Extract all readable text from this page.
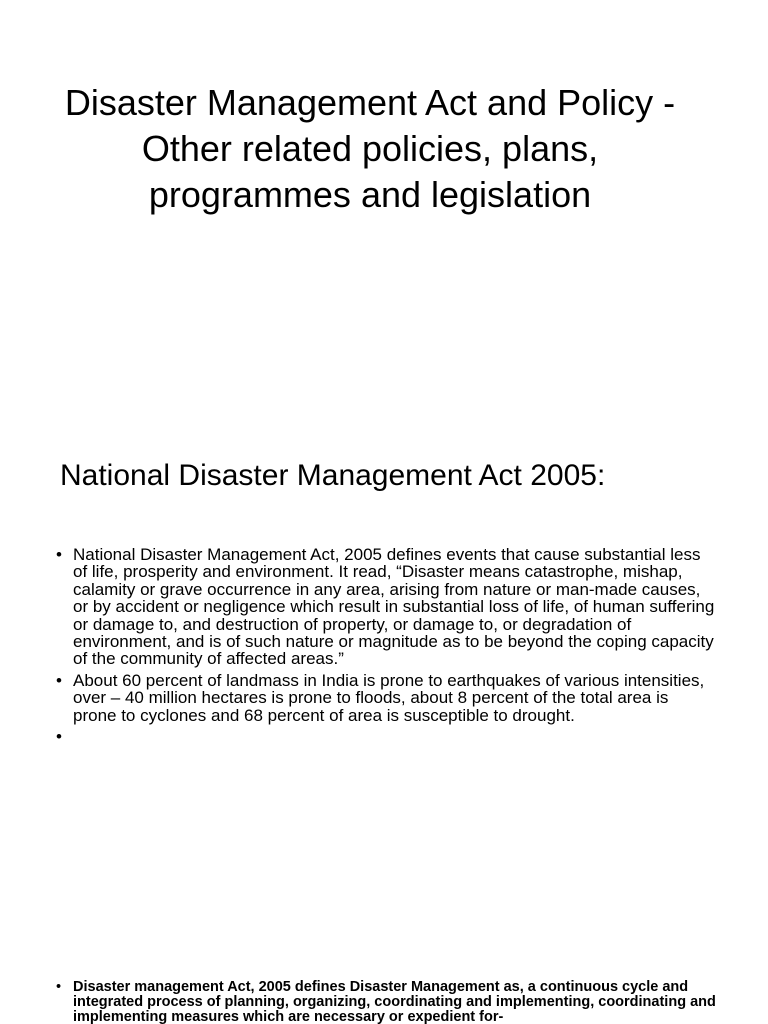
Disaster Management Act and Policy - Other related policies, plans, programmes and legislation
National Disaster Management Act 2005:
• National Disaster Management Act, 2005 defines events that cause substantial less of life, prosperity and environment. It read, “Disaster means catastrophe, mishap, calamity or grave occurrence in any area, arising from nature or man-made causes, or by accident or negligence which result in substantial loss of life, of human suffering or damage to, and destruction of property, or damage to, or degradation of environment, and is of such nature or magnitude as to be beyond the coping capacity of the community of affected areas.”
• About 60 percent of landmass in India is prone to earthquakes of various intensities, over – 40 million hectares is prone to floods, about 8 percent of the total area is prone to cyclones and 68 percent of area is susceptible to drought.
•
• Disaster management Act, 2005 defines Disaster Management as, a continuous cycle and integrated process of planning, organizing, coordinating and implementing, coordinating and implementing measures which are necessary or expedient for-
